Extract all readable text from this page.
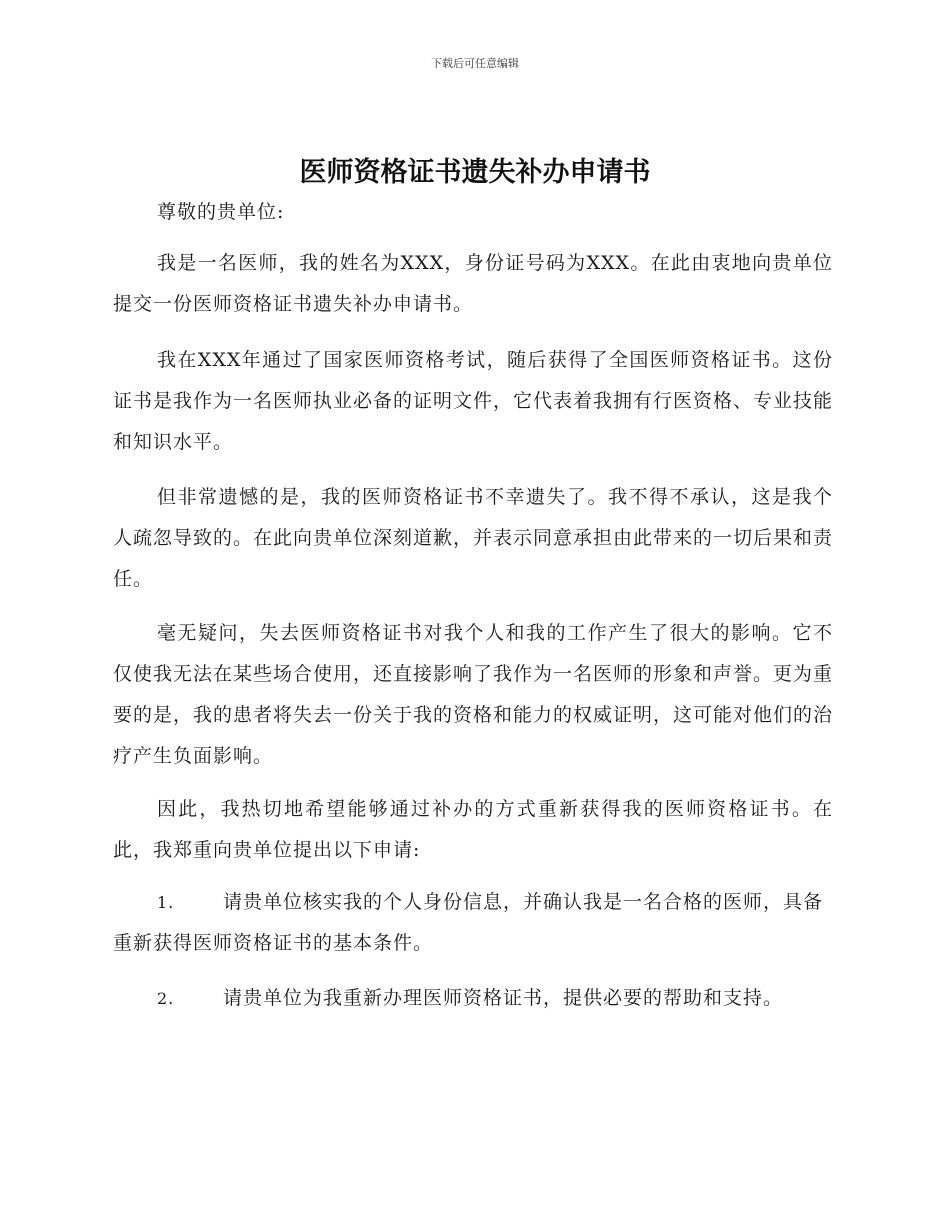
下载后可任意编辑
医师资格证书遗失补办申请书
尊敬的贵单位:

我是一名医师，我的姓名为XXX，身份证号码为XXX。在此由衷地向贵单位提交一份医师资格证书遗失补办申请书。

我在XXX年通过了国家医师资格考试，随后获得了全国医师资格证书。这份证书是我作为一名医师执业必备的证明文件，它代表着我拥有行医资格、专业技能和知识水平。

但非常遗憾的是，我的医师资格证书不幸遗失了。我不得不承认，这是我个人疏忽导致的。在此向贵单位深刻道歉，并表示同意承担由此带来的一切后果和责任。

毫无疑问，失去医师资格证书对我个人和我的工作产生了很大的影响。它不仅使我无法在某些场合使用，还直接影响了我作为一名医师的形象和声誉。更为重要的是，我的患者将失去一份关于我的资格和能力的权威证明，这可能对他们的治疗产生负面影响。

因此，我热切地希望能够通过补办的方式重新获得我的医师资格证书。在此，我郑重向贵单位提出以下申请:

1.	请贵单位核实我的个人身份信息，并确认我是一名合格的医师，具备重新获得医师资格证书的基本条件。

2.	请贵单位为我重新办理医师资格证书，提供必要的帮助和支持。
